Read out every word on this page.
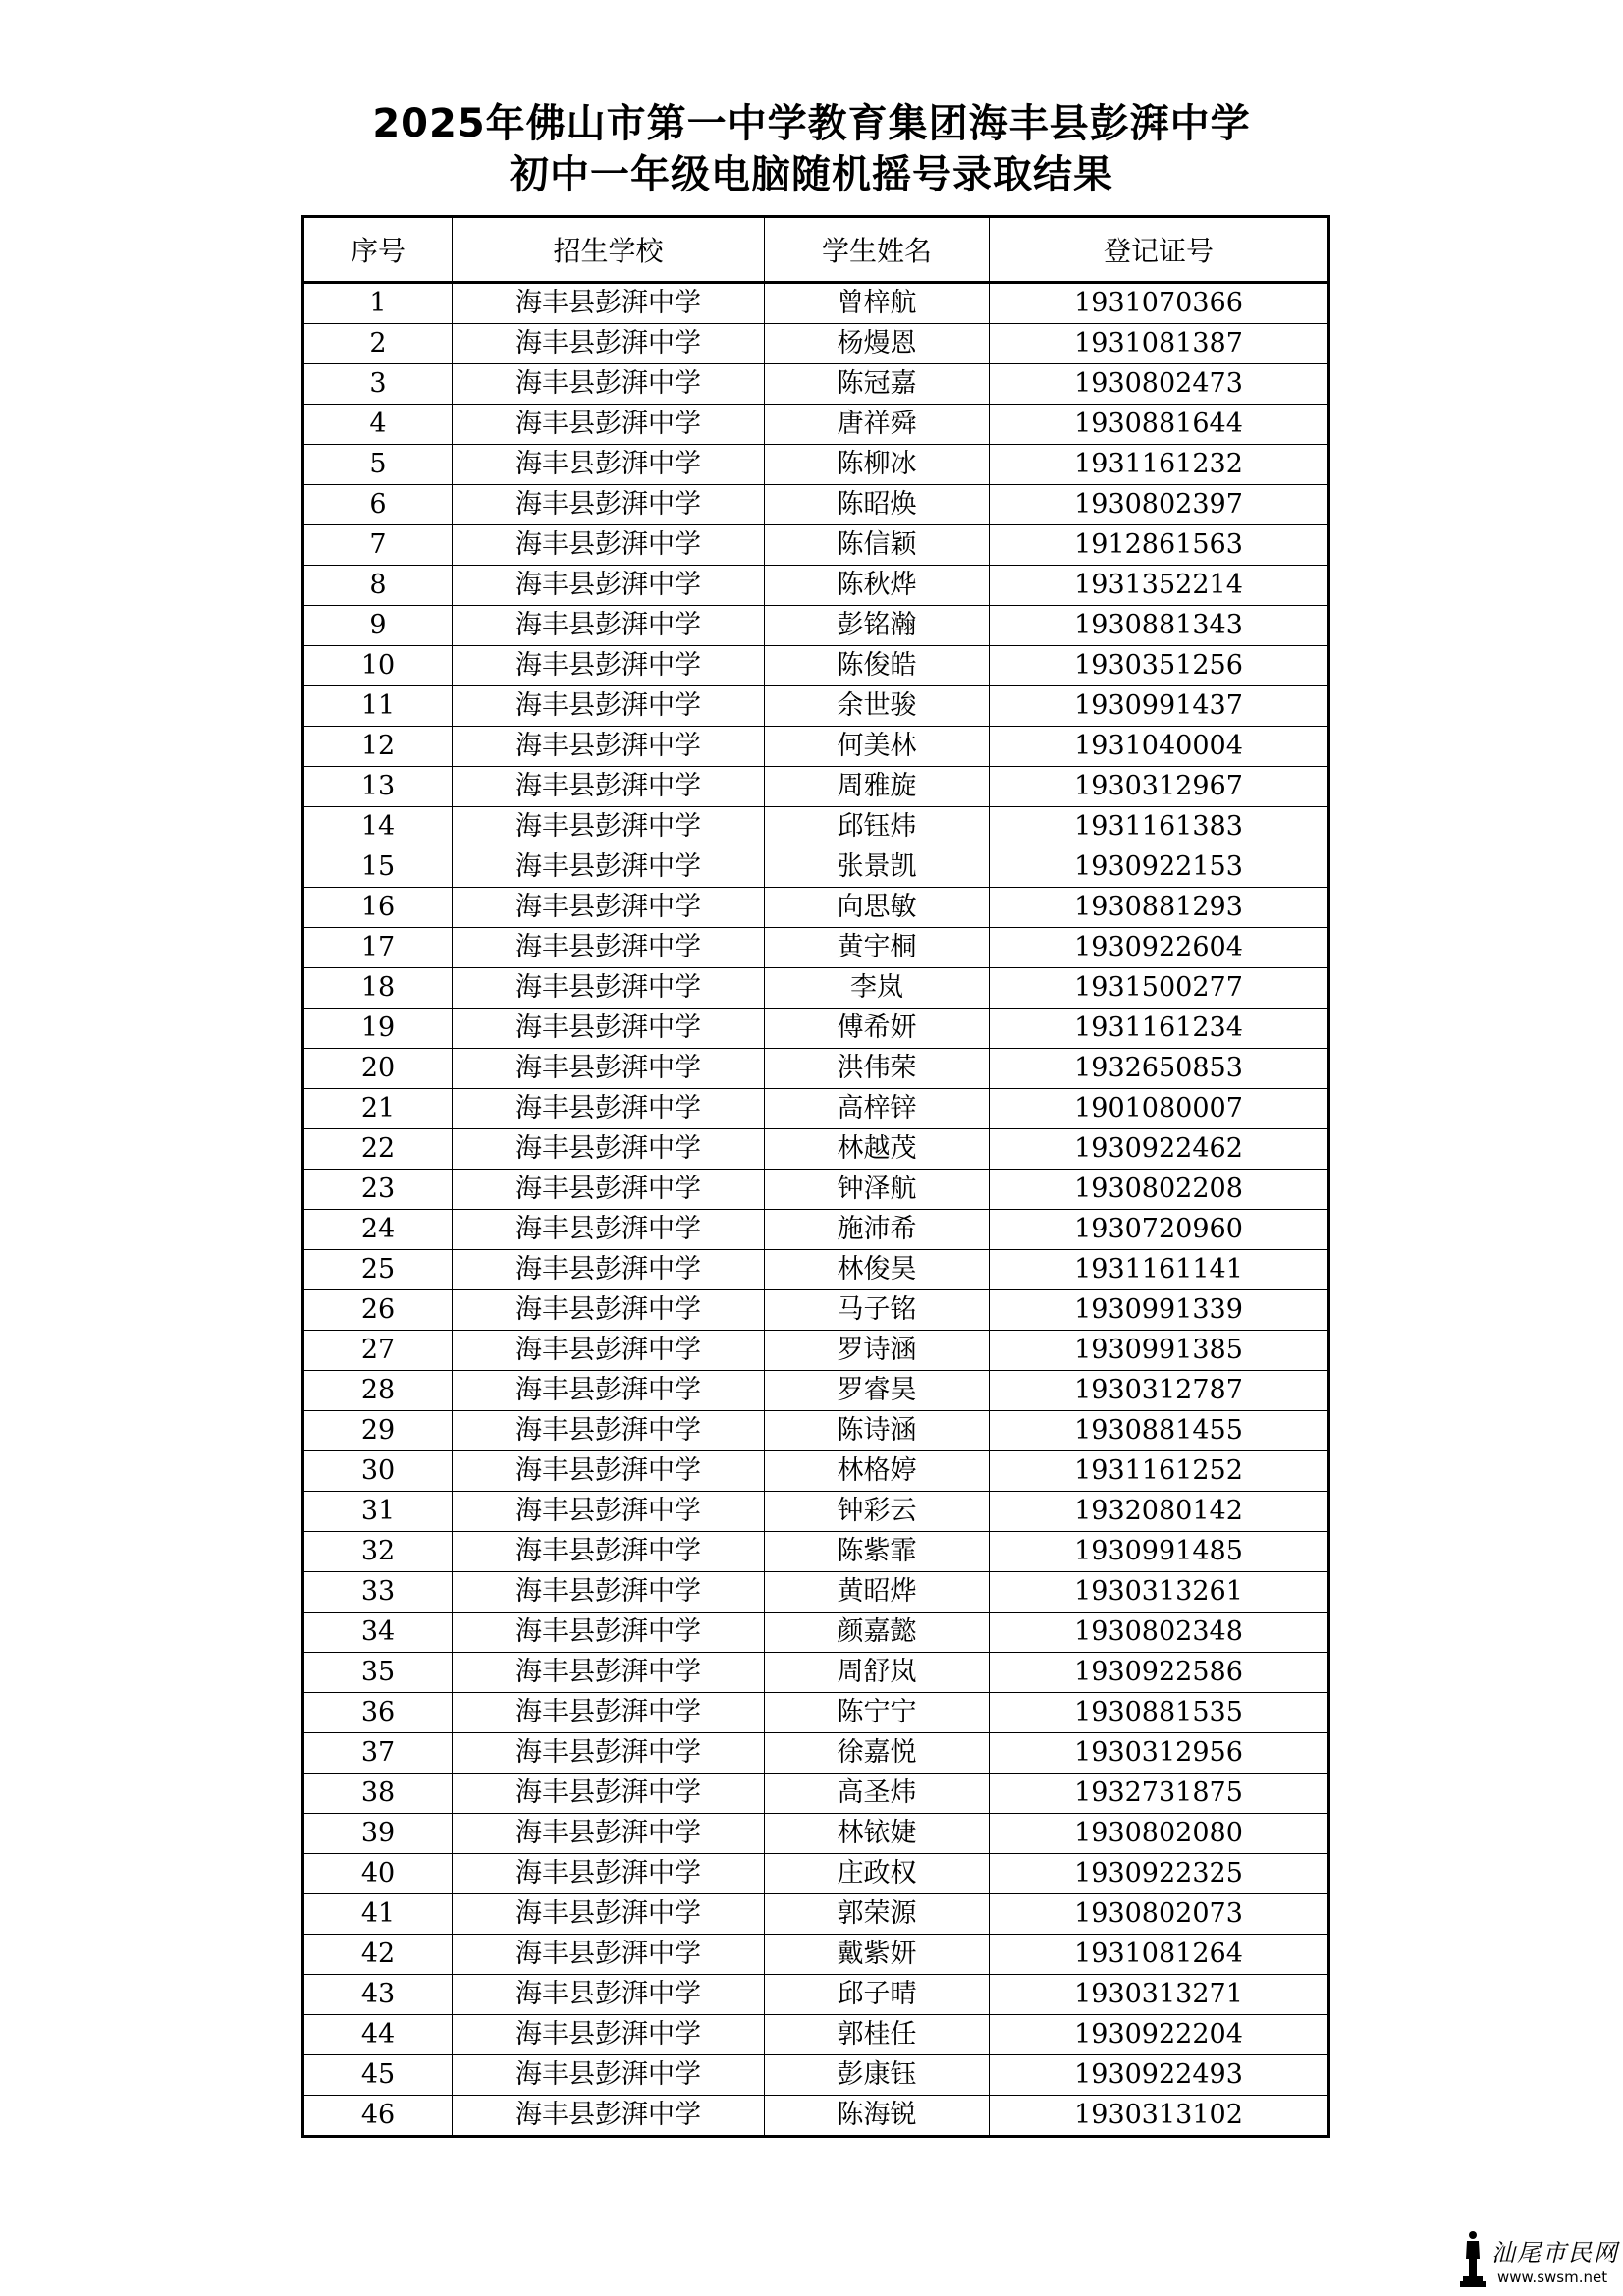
2025年佛山市第一中学教育集团海丰县彭湃中学
初中一年级电脑随机摇号录取结果
序号	招生学校	学生姓名	登记证号
1	海丰县彭湃中学	曾梓航	1931070366
2	海丰县彭湃中学	杨熳恩	1931081387
3	海丰县彭湃中学	陈冠嘉	1930802473
4	海丰县彭湃中学	唐祥舜	1930881644
5	海丰县彭湃中学	陈柳冰	1931161232
6	海丰县彭湃中学	陈昭焕	1930802397
7	海丰县彭湃中学	陈信颖	1912861563
8	海丰县彭湃中学	陈秋烨	1931352214
9	海丰县彭湃中学	彭铭瀚	1930881343
10	海丰县彭湃中学	陈俊皓	1930351256
11	海丰县彭湃中学	余世骏	1930991437
12	海丰县彭湃中学	何美林	1931040004
13	海丰县彭湃中学	周雅旋	1930312967
14	海丰县彭湃中学	邱钰炜	1931161383
15	海丰县彭湃中学	张景凯	1930922153
16	海丰县彭湃中学	向思敏	1930881293
17	海丰县彭湃中学	黄宇桐	1930922604
18	海丰县彭湃中学	李岚	1931500277
19	海丰县彭湃中学	傅希妍	1931161234
20	海丰县彭湃中学	洪伟荣	1932650853
21	海丰县彭湃中学	高梓锌	1901080007
22	海丰县彭湃中学	林越茂	1930922462
23	海丰县彭湃中学	钟泽航	1930802208
24	海丰县彭湃中学	施沛希	1930720960
25	海丰县彭湃中学	林俊昊	1931161141
26	海丰县彭湃中学	马子铭	1930991339
27	海丰县彭湃中学	罗诗涵	1930991385
28	海丰县彭湃中学	罗睿昊	1930312787
29	海丰县彭湃中学	陈诗涵	1930881455
30	海丰县彭湃中学	林格婷	1931161252
31	海丰县彭湃中学	钟彩云	1932080142
32	海丰县彭湃中学	陈紫霏	1930991485
33	海丰县彭湃中学	黄昭烨	1930313261
34	海丰县彭湃中学	颜嘉懿	1930802348
35	海丰县彭湃中学	周舒岚	1930922586
36	海丰县彭湃中学	陈宁宁	1930881535
37	海丰县彭湃中学	徐嘉悦	1930312956
38	海丰县彭湃中学	高圣炜	1932731875
39	海丰县彭湃中学	林铱婕	1930802080
40	海丰县彭湃中学	庄政权	1930922325
41	海丰县彭湃中学	郭荣源	1930802073
42	海丰县彭湃中学	戴紫妍	1931081264
43	海丰县彭湃中学	邱子晴	1930313271
44	海丰县彭湃中学	郭桂任	1930922204
45	海丰县彭湃中学	彭康钰	1930922493
46	海丰县彭湃中学	陈海锐	1930313102
汕尾市民网
www.swsm.net
